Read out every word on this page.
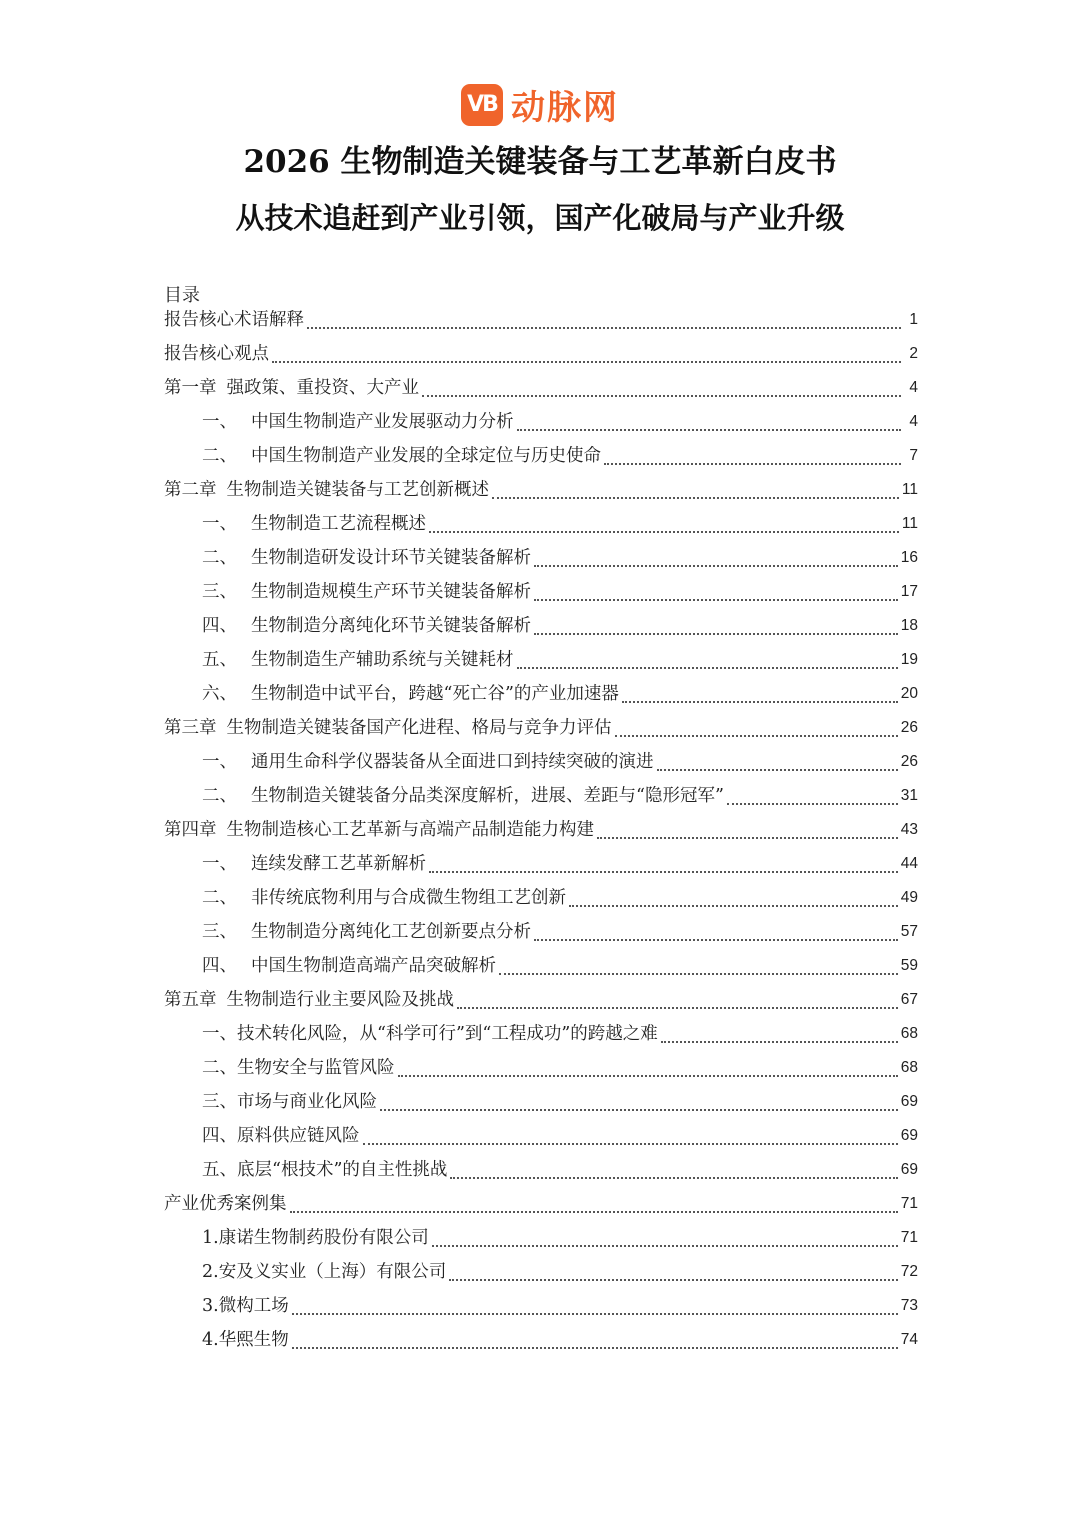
VB 动脉网
2026 生物制造关键装备与工艺革新白皮书
从技术追赶到产业引领，国产化破局与产业升级
目录
报告核心术语解释	1
报告核心观点	2
第一章 强政策、重投资、大产业	4
一、 中国生物制造产业发展驱动力分析	4
二、 中国生物制造产业发展的全球定位与历史使命	7
第二章 生物制造关键装备与工艺创新概述	11
一、 生物制造工艺流程概述	11
二、 生物制造研发设计环节关键装备解析	16
三、 生物制造规模生产环节关键装备解析	17
四、 生物制造分离纯化环节关键装备解析	18
五、 生物制造生产辅助系统与关键耗材	19
六、 生物制造中试平台，跨越“死亡谷”的产业加速器	20
第三章 生物制造关键装备国产化进程、格局与竞争力评估	26
一、 通用生命科学仪器装备从全面进口到持续突破的演进	26
二、 生物制造关键装备分品类深度解析，进展、差距与“隐形冠军”	31
第四章 生物制造核心工艺革新与高端产品制造能力构建	43
一、 连续发酵工艺革新解析	44
二、 非传统底物利用与合成微生物组工艺创新	49
三、 生物制造分离纯化工艺创新要点分析	57
四、 中国生物制造高端产品突破解析	59
第五章 生物制造行业主要风险及挑战	67
一、技术转化风险，从“科学可行”到“工程成功”的跨越之难	68
二、生物安全与监管风险	68
三、市场与商业化风险	69
四、原料供应链风险	69
五、底层“根技术”的自主性挑战	69
产业优秀案例集	71
1.康诺生物制药股份有限公司	71
2.安及义实业（上海）有限公司	72
3.微构工场	73
4.华熙生物	74
